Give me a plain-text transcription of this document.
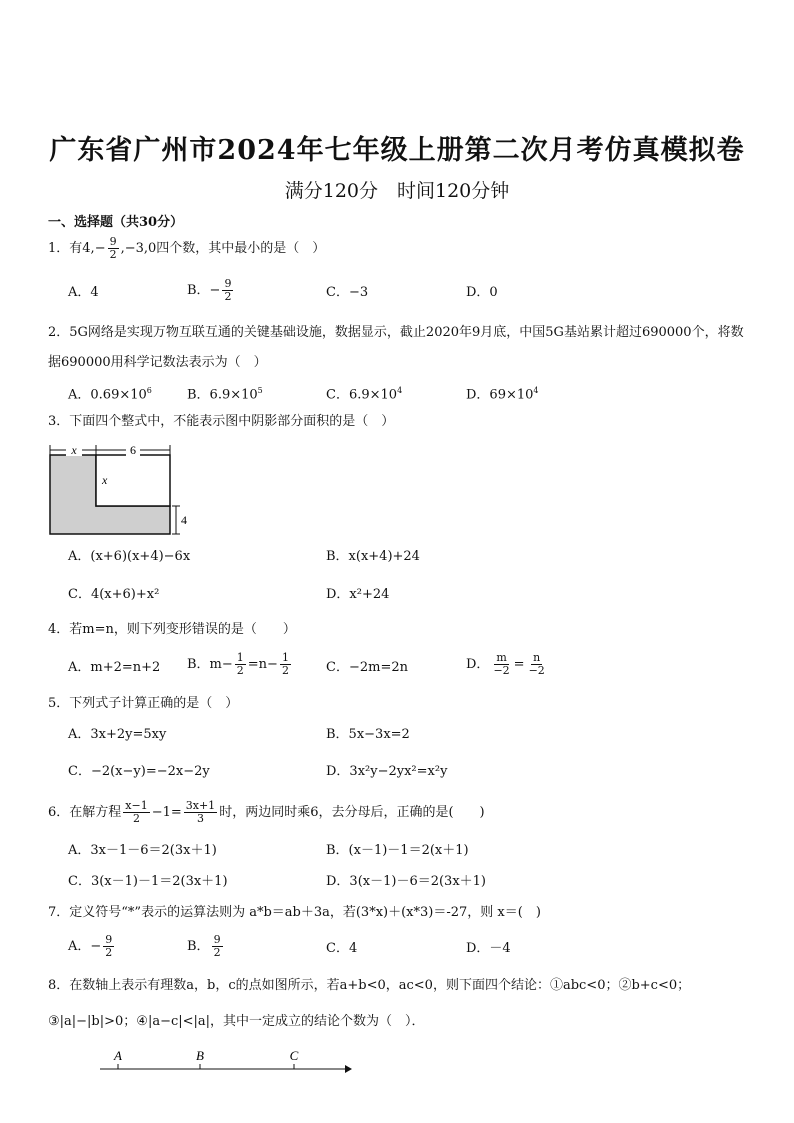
广东省广州市2024年七年级上册第二次月考仿真模拟卷
满分120分　时间120分钟
一、选择题（共30分）
1．有$4,- \frac{9}{2} ,-3,0$四个数，其中最小的是（　）
A．4	B．− $\frac{9}{2}$	C．−3	D．0
2．5G网络是实现万物互联互通的关键基础设施，数据显示，截止2020年9月底，中国5G基站累计超过690000个，将数据690000用科学记数法表示为（　）
A．$0.69\times 10^6$	B．$6.9\times 10^5$	C．$6.9\times 10^4$	D．$69\times 10^4$
3．下面四个整式中，不能表示图中阴影部分面积的是（　）
x	6
x
4
A．(x+6)(x+4)−6x	B．x(x+4)+24
C．4(x+6)+x²	D．x²+24
4．若m=n，则下列变形错误的是（　　）
A．m+2=n+2 B．$m- \frac{1}{2} =n- \frac{1}{2}$	C．−2m=2n	D． $\frac{m}{-2} = \frac{n}{-2}$
5．下列式子计算正确的是（　）
A．3x+2y=5xy	B．5x−3x=2
C．−2(x−y)=−2x−2y	D．3x²y−2yx²=x²y
6．在解方程 $\frac{x-1}{2} -1= \frac{3x+1}{3}$ 时，两边同时乘6，去分母后，正确的是(　　)
A．3x－1－6＝2(3x＋1)	B．(x－1)－1＝2(x＋1)
C．3(x－1)－1＝2(3x＋1)	D．3(x－1)－6＝2(3x＋1)
7．定义符号“*”表示的运算法则为 a*b＝ab＋3a，若(3*x)＋(x*3)＝-27，则 x＝(　)
A．− $\frac{9}{2}$	B． $\frac{9}{2}$	C．4	D．－4
8．在数轴上表示有理数a，b，c的点如图所示，若a+b<0，ac<0，则下面四个结论：①abc<0；②b+c<0；
③|a|−|b|>0；④|a−c|<|a|，其中一定成立的结论个数为（　）．
A	B	C
